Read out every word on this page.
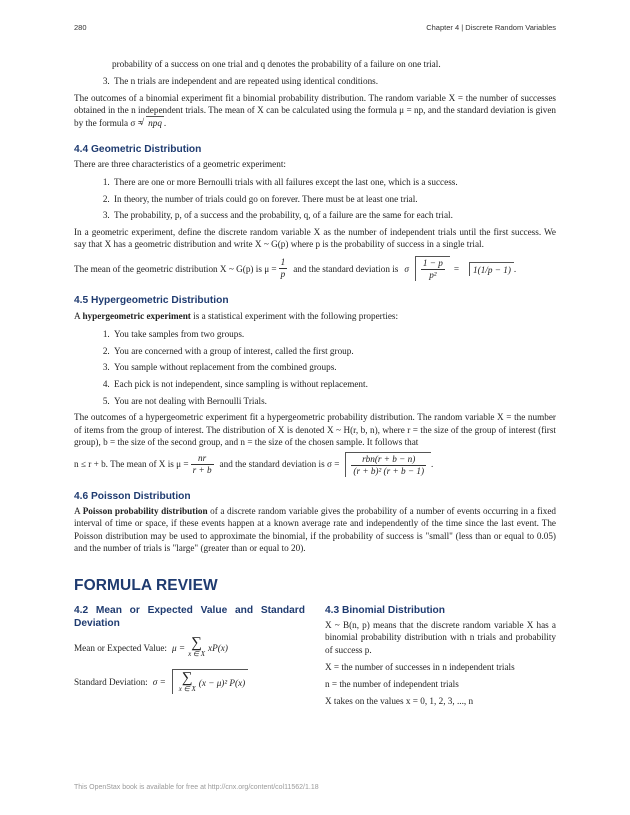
280	Chapter 4 | Discrete Random Variables

probability of a success on one trial and q denotes the probability of a failure on one trial.

3. The n trials are independent and are repeated using identical conditions.

The outcomes of a binomial experiment fit a binomial probability distribution. The random variable X = the number of successes obtained in the n independent trials. The mean of X can be calculated using the formula μ = np, and the standard deviation is given by the formula σ = √ npq .

4.4 Geometric Distribution

There are three characteristics of a geometric experiment:

1. There are one or more Bernoulli trials with all failures except the last one, which is a success.
2. In theory, the number of trials could go on forever. There must be at least one trial.
3. The probability, p, of a success and the probability, q, of a failure are the same for each trial.

In a geometric experiment, define the discrete random variable X as the number of independent trials until the first success. We say that X has a geometric distribution and write X ~ G(p) where p is the probability of success in a single trial.

The mean of the geometric distribution X ~ G(p) is $\mu = \frac{1}{p}$ and the standard deviation is σ $\frac{1 - p}{\text{p²}}$ =	1(1/p − 1) .
4.5 Hypergeometric Distribution

A hypergeometric experiment is a statistical experiment with the following properties:

1. You take samples from two groups.
2. You are concerned with a group of interest, called the first group.
3. You sample without replacement from the combined groups.
4. Each pick is not independent, since sampling is without replacement.
5. You are not dealing with Bernoulli Trials.

The outcomes of a hypergeometric experiment fit a hypergeometric probability distribution. The random variable X = the number of items from the group of interest. The distribution of X is denoted X ~ H(r, b, n), where r = the size of the group of interest (first group), b = the size of the second group, and n = the size of the chosen sample. It follows that

n ≤ r + b. The mean of X is $\mu = \frac{nr}{r + b}$ and the standard deviation is $\sigma = \frac{\text{rbn(r + b − n)}}{\text{(r + b)² (r + b − 1)}}$ .
4.6 Poisson Distribution

A Poisson probability distribution of a discrete random variable gives the probability of a number of events occurring in a fixed interval of time or space, if these events happen at a known average rate and independently of the time since the last event. The Poisson distribution may be used to approximate the binomial, if the probability of success is "small" (less than or equal to 0.05) and the number of trials is "large" (greater than or equal to 20).

FORMULA REVIEW
4.2 Mean or Expected Value and Standard Deviation
Mean or Expected Value: μ = ∑
x ∈ X
xP(x)
Standard Deviation: σ = ∑
x ∈ X
(x − μ)² P(x)
4.3 Binomial Distribution

X ~ B(n, p) means that the discrete random variable X has a binomial probability distribution with n trials and probability of success p.

X = the number of successes in n independent trials

n = the number of independent trials

X takes on the values x = 0, 1, 2, 3, ..., n

This OpenStax book is available for free at http://cnx.org/content/col11562/1.18
